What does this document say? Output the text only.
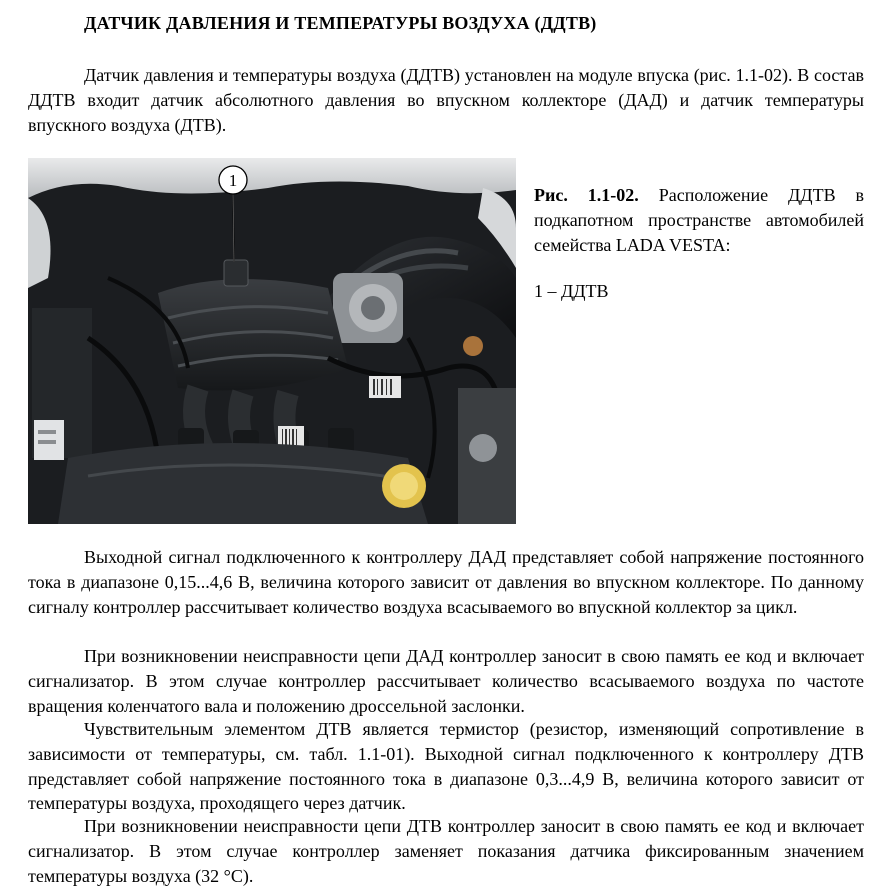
ДАТЧИК ДАВЛЕНИЯ И ТЕМПЕРАТУРЫ ВОЗДУХА (ДДТВ)

Датчик давления и температуры воздуха (ДДТВ) установлен на модуле впуска (рис. 1.1-02). В состав ДДТВ входит датчик абсолютного давления во впускном коллекторе (ДАД) и датчик температуры впускного воздуха (ДТВ).

1

Рис. 1.1-02. Расположение ДДТВ в подкапотном пространстве автомобилей семейства LADA VESTA:

1 – ДДТВ

Выходной сигнал подключенного к контроллеру ДАД представляет собой напряжение постоянного тока в диапазоне 0,15...4,6 В, величина которого зависит от давления во впускном коллекторе. По данному сигналу контроллер рассчитывает количество воздуха всасываемого во впускной коллектор за цикл.

При возникновении неисправности цепи ДАД контроллер заносит в свою память ее код и включает сигнализатор. В этом случае контроллер рассчитывает количество всасываемого воздуха по частоте вращения коленчатого вала и положению дроссельной заслонки.

Чувствительным элементом ДТВ является термистор (резистор, изменяющий сопротивление в зависимости от температуры, см. табл. 1.1-01). Выходной сигнал подключенного к контроллеру ДТВ представляет собой напряжение постоянного тока в диапазоне 0,3...4,9 В, величина которого зависит от температуры воздуха, проходящего через датчик.

При возникновении неисправности цепи ДТВ контроллер заносит в свою память ее код и включает сигнализатор. В этом случае контроллер заменяет показания датчика фиксированным значением температуры воздуха (32 °С).
